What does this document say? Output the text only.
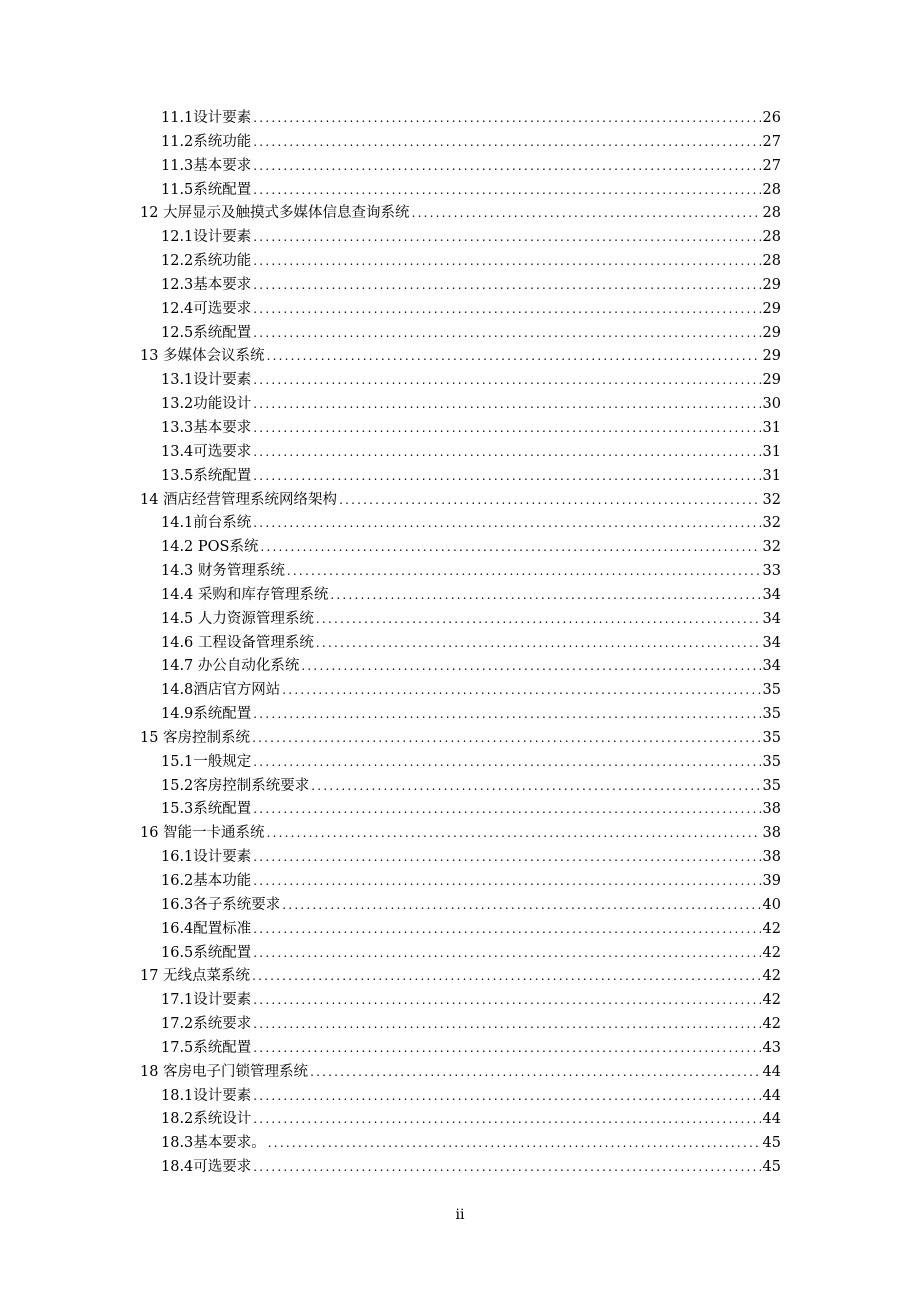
11.1设计要素 .....	26
11.2系统功能 .....	27
11.3基本要求 .....	27
11.5系统配置 .....	28
12 大屏显示及触摸式多媒体信息查询系统 .....	28
12.1设计要素 .....	28
12.2系统功能 .....	28
12.3基本要求 .....	29
12.4可选要求 .....	29
12.5系统配置 .....	29
13 多媒体会议系统 .....	29
13.1设计要素 .....	29
13.2功能设计 .....	30
13.3基本要求 .....	31
13.4可选要求 .....	31
13.5系统配置 .....	31
14 酒店经营管理系统网络架构 .....	32
14.1前台系统 .....	32
14.2 POS系统 .....	32
14.3 财务管理系统 .....	33
14.4 采购和库存管理系统 .....	34
14.5 人力资源管理系统 .....	34
14.6 工程设备管理系统 .....	34
14.7 办公自动化系统 .....	34
14.8酒店官方网站 .....	35
14.9系统配置 .....	35
15 客房控制系统 .....	35
15.1一般规定 .....	35
15.2客房控制系统要求 .....	35
15.3系统配置 .....	38
16 智能一卡通系统 .....	38
16.1设计要素 .....	38
16.2基本功能 .....	39
16.3各子系统要求 .....	40
16.4配置标准 .....	42
16.5系统配置 .....	42
17 无线点菜系统 .....	42
17.1设计要素 .....	42
17.2系统要求 .....	42
17.5系统配置 .....	43
18 客房电子门锁管理系统 .....	44
18.1设计要素 .....	44
18.2系统设计 .....	44
18.3基本要求。 .....	45
18.4可选要求 .....	45
ii
